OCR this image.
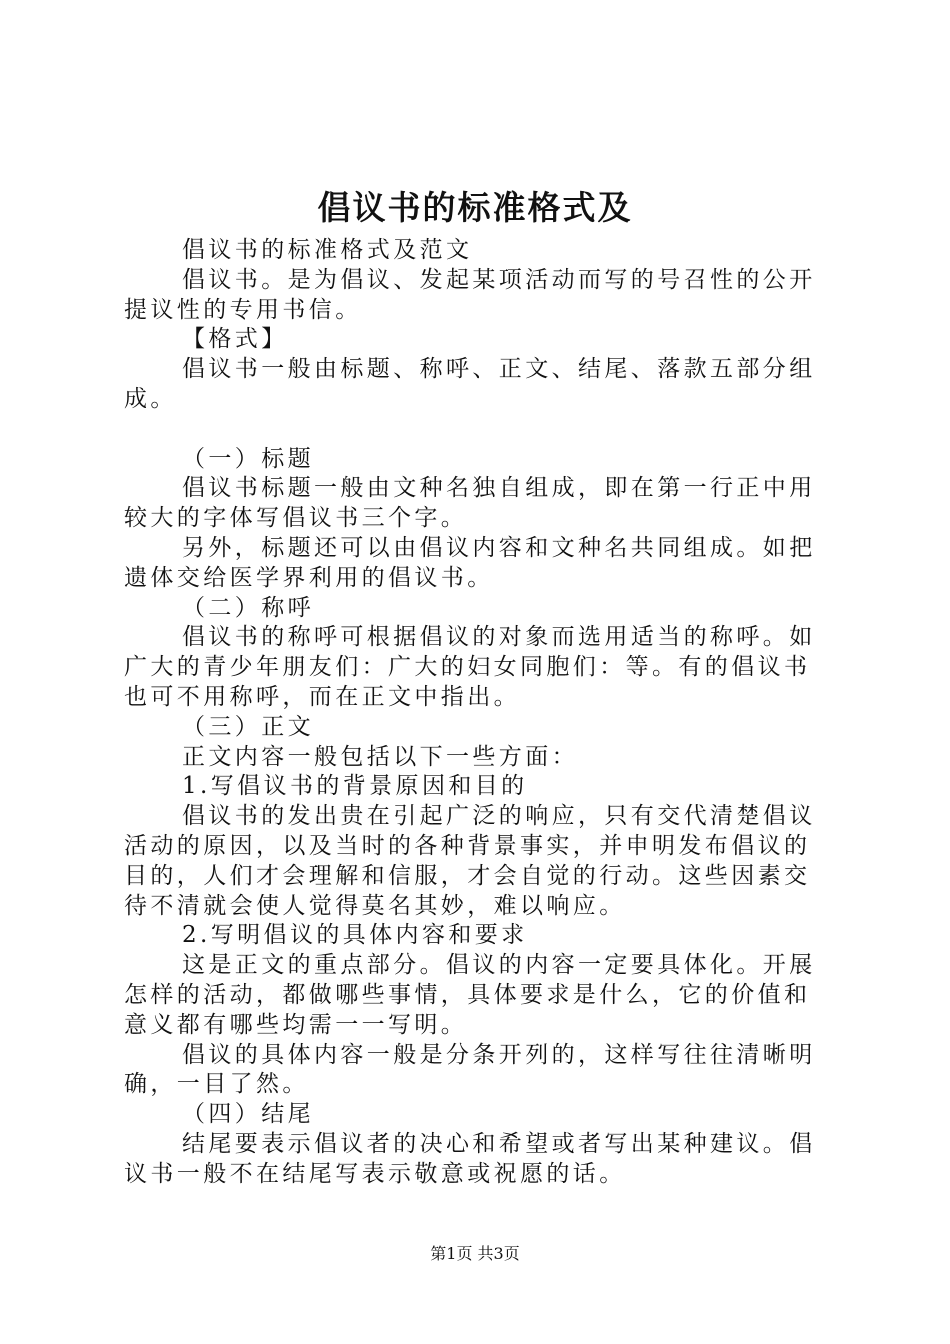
倡议书的标准格式及

倡议书的标准格式及范文

倡议书。是为倡议、发起某项活动而写的号召性的公开提议性的专用书信。

【格式】

倡议书一般由标题、称呼、正文、结尾、落款五部分组成。

（一）标题

倡议书标题一般由文种名独自组成，即在第一行正中用较大的字体写倡议书三个字。

另外，标题还可以由倡议内容和文种名共同组成。如把遗体交给医学界利用的倡议书。

（二）称呼

倡议书的称呼可根据倡议的对象而选用适当的称呼。如广大的青少年朋友们：广大的妇女同胞们：等。有的倡议书也可不用称呼，而在正文中指出。

（三）正文

正文内容一般包括以下一些方面：

1.写倡议书的背景原因和目的

倡议书的发出贵在引起广泛的响应，只有交代清楚倡议活动的原因，以及当时的各种背景事实，并申明发布倡议的目的，人们才会理解和信服，才会自觉的行动。这些因素交待不清就会使人觉得莫名其妙，难以响应。

2.写明倡议的具体内容和要求

这是正文的重点部分。倡议的内容一定要具体化。开展怎样的活动，都做哪些事情，具体要求是什么，它的价值和意义都有哪些均需一一写明。

倡议的具体内容一般是分条开列的，这样写往往清晰明确，一目了然。

（四）结尾

结尾要表示倡议者的决心和希望或者写出某种建议。倡议书一般不在结尾写表示敬意或祝愿的话。

第1页 共3页
